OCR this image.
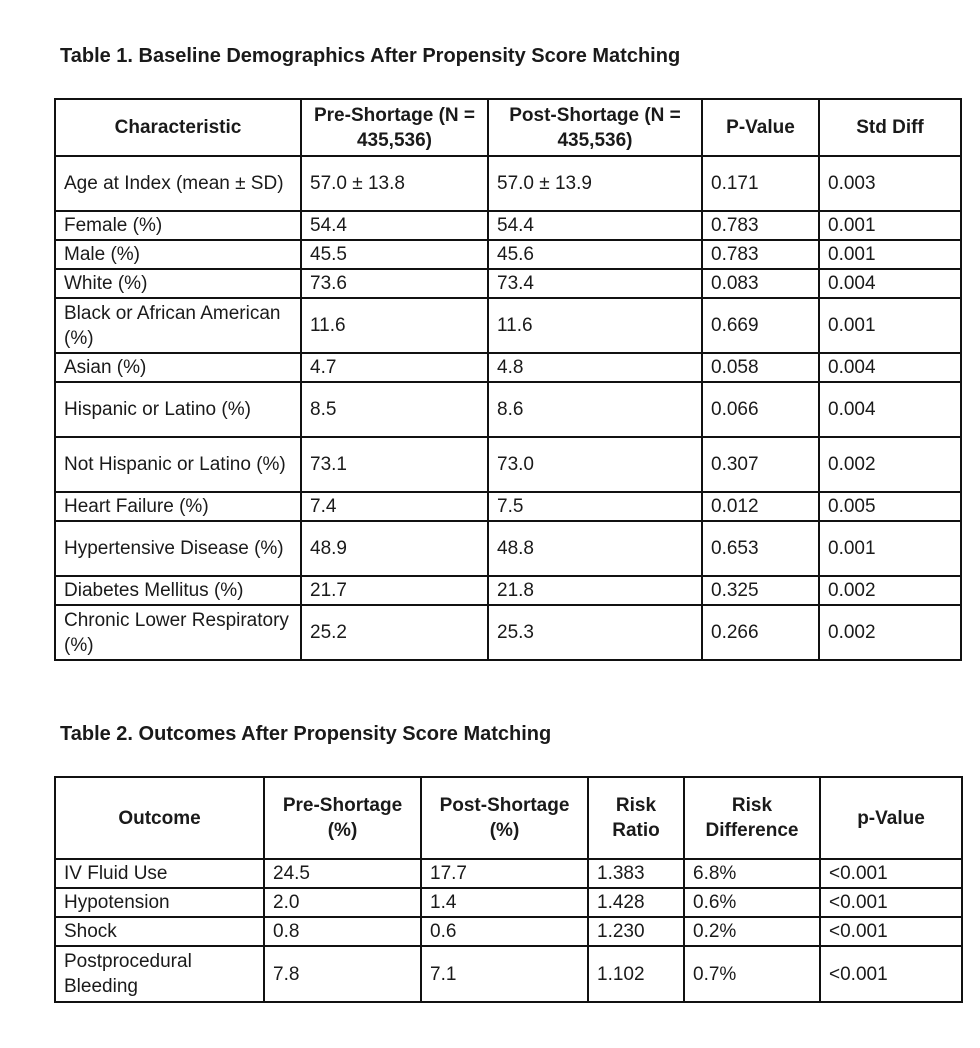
Table 1. Baseline Demographics After Propensity Score Matching
Characteristic	Pre-Shortage (N = 435,536)	Post-Shortage (N = 435,536)	P-Value	Std Diff
Age at Index (mean ± SD)	57.0 ± 13.8	57.0 ± 13.9	0.171	0.003
Female (%)	54.4	54.4	0.783	0.001
Male (%)	45.5	45.6	0.783	0.001
White (%)	73.6	73.4	0.083	0.004
Black or African American (%)	11.6	11.6	0.669	0.001
Asian (%)	4.7	4.8	0.058	0.004
Hispanic or Latino (%)	8.5	8.6	0.066	0.004
Not Hispanic or Latino (%)	73.1	73.0	0.307	0.002
Heart Failure (%)	7.4	7.5	0.012	0.005
Hypertensive Disease (%)	48.9	48.8	0.653	0.001
Diabetes Mellitus (%)	21.7	21.8	0.325	0.002
Chronic Lower Respiratory (%)	25.2	25.3	0.266	0.002
Table 2. Outcomes After Propensity Score Matching
Outcome	Pre-Shortage (%)	Post-Shortage (%)	Risk Ratio	Risk Difference	p-Value
IV Fluid Use	24.5	17.7	1.383	6.8%	<0.001
Hypotension	2.0	1.4	1.428	0.6%	<0.001
Shock	0.8	0.6	1.230	0.2%	<0.001
Postprocedural Bleeding	7.8	7.1	1.102	0.7%	<0.001
